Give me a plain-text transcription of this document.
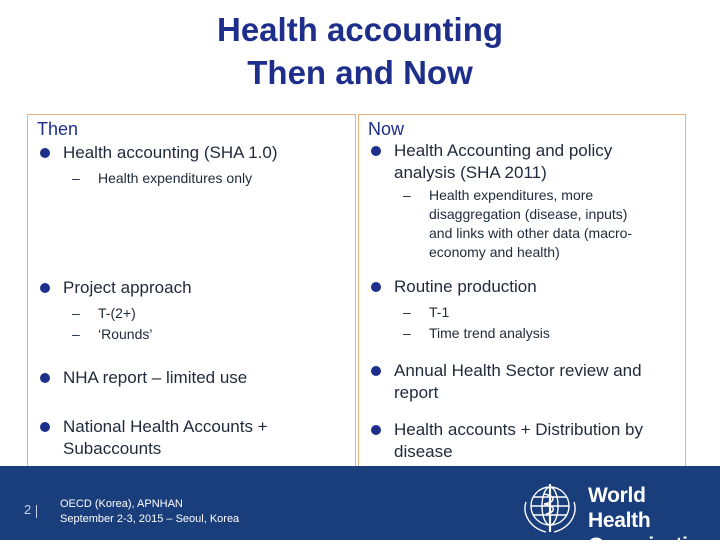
Health accounting
Then and Now
Then
Health accounting (SHA 1.0)
– Health expenditures only
Project approach
– T-(2+)
– ‘Rounds’
NHA report – limited use
National Health Accounts +
Subaccounts
Now
Health Accounting and policy
analysis (SHA 2011)
– Health expenditures, more
disaggregation (disease, inputs)
and links with other data (macro-
economy and health)
Routine production
– T-1
– Time trend analysis
Annual Health Sector review and
report
Health accounts + Distribution by
disease
2	OECD (Korea), APNHAN
September 2-3, 2015 – Seoul, Korea
World Health
Organization
